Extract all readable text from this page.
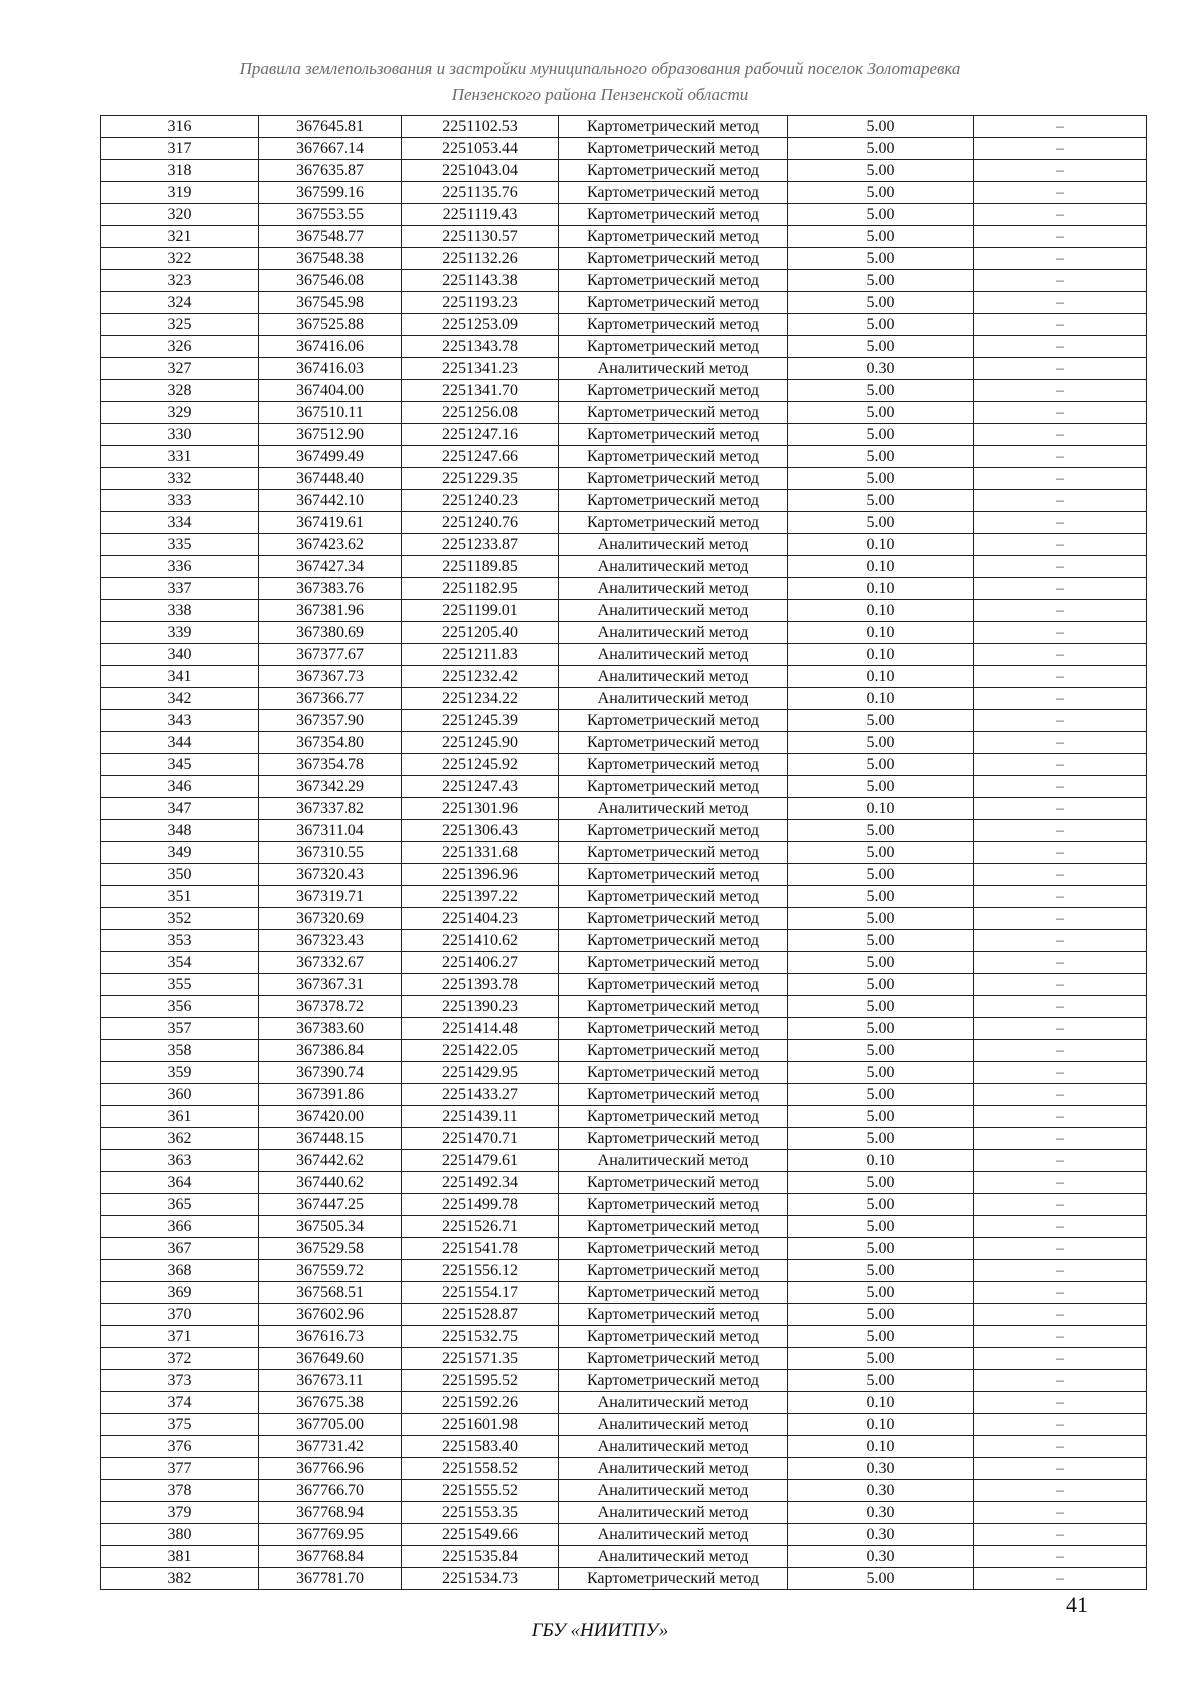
Правила землепользования и застройки муниципального образования рабочий поселок Золотаревка
Пензенского района Пензенской области
316	367645.81	2251102.53	Картометрический метод	5.00	–
317	367667.14	2251053.44	Картометрический метод	5.00	–
318	367635.87	2251043.04	Картометрический метод	5.00	–
319	367599.16	2251135.76	Картометрический метод	5.00	–
320	367553.55	2251119.43	Картометрический метод	5.00	–
321	367548.77	2251130.57	Картометрический метод	5.00	–
322	367548.38	2251132.26	Картометрический метод	5.00	–
323	367546.08	2251143.38	Картометрический метод	5.00	–
324	367545.98	2251193.23	Картометрический метод	5.00	–
325	367525.88	2251253.09	Картометрический метод	5.00	–
326	367416.06	2251343.78	Картометрический метод	5.00	–
327	367416.03	2251341.23	Аналитический метод	0.30	–
328	367404.00	2251341.70	Картометрический метод	5.00	–
329	367510.11	2251256.08	Картометрический метод	5.00	–
330	367512.90	2251247.16	Картометрический метод	5.00	–
331	367499.49	2251247.66	Картометрический метод	5.00	–
332	367448.40	2251229.35	Картометрический метод	5.00	–
333	367442.10	2251240.23	Картометрический метод	5.00	–
334	367419.61	2251240.76	Картометрический метод	5.00	–
335	367423.62	2251233.87	Аналитический метод	0.10	–
336	367427.34	2251189.85	Аналитический метод	0.10	–
337	367383.76	2251182.95	Аналитический метод	0.10	–
338	367381.96	2251199.01	Аналитический метод	0.10	–
339	367380.69	2251205.40	Аналитический метод	0.10	–
340	367377.67	2251211.83	Аналитический метод	0.10	–
341	367367.73	2251232.42	Аналитический метод	0.10	–
342	367366.77	2251234.22	Аналитический метод	0.10	–
343	367357.90	2251245.39	Картометрический метод	5.00	–
344	367354.80	2251245.90	Картометрический метод	5.00	–
345	367354.78	2251245.92	Картометрический метод	5.00	–
346	367342.29	2251247.43	Картометрический метод	5.00	–
347	367337.82	2251301.96	Аналитический метод	0.10	–
348	367311.04	2251306.43	Картометрический метод	5.00	–
349	367310.55	2251331.68	Картометрический метод	5.00	–
350	367320.43	2251396.96	Картометрический метод	5.00	–
351	367319.71	2251397.22	Картометрический метод	5.00	–
352	367320.69	2251404.23	Картометрический метод	5.00	–
353	367323.43	2251410.62	Картометрический метод	5.00	–
354	367332.67	2251406.27	Картометрический метод	5.00	–
355	367367.31	2251393.78	Картометрический метод	5.00	–
356	367378.72	2251390.23	Картометрический метод	5.00	–
357	367383.60	2251414.48	Картометрический метод	5.00	–
358	367386.84	2251422.05	Картометрический метод	5.00	–
359	367390.74	2251429.95	Картометрический метод	5.00	–
360	367391.86	2251433.27	Картометрический метод	5.00	–
361	367420.00	2251439.11	Картометрический метод	5.00	–
362	367448.15	2251470.71	Картометрический метод	5.00	–
363	367442.62	2251479.61	Аналитический метод	0.10	–
364	367440.62	2251492.34	Картометрический метод	5.00	–
365	367447.25	2251499.78	Картометрический метод	5.00	–
366	367505.34	2251526.71	Картометрический метод	5.00	–
367	367529.58	2251541.78	Картометрический метод	5.00	–
368	367559.72	2251556.12	Картометрический метод	5.00	–
369	367568.51	2251554.17	Картометрический метод	5.00	–
370	367602.96	2251528.87	Картометрический метод	5.00	–
371	367616.73	2251532.75	Картометрический метод	5.00	–
372	367649.60	2251571.35	Картометрический метод	5.00	–
373	367673.11	2251595.52	Картометрический метод	5.00	–
374	367675.38	2251592.26	Аналитический метод	0.10	–
375	367705.00	2251601.98	Аналитический метод	0.10	–
376	367731.42	2251583.40	Аналитический метод	0.10	–
377	367766.96	2251558.52	Аналитический метод	0.30	–
378	367766.70	2251555.52	Аналитический метод	0.30	–
379	367768.94	2251553.35	Аналитический метод	0.30	–
380	367769.95	2251549.66	Аналитический метод	0.30	–
381	367768.84	2251535.84	Аналитический метод	0.30	–
382	367781.70	2251534.73	Картометрический метод	5.00	–
41
ГБУ «НИИТПУ»
